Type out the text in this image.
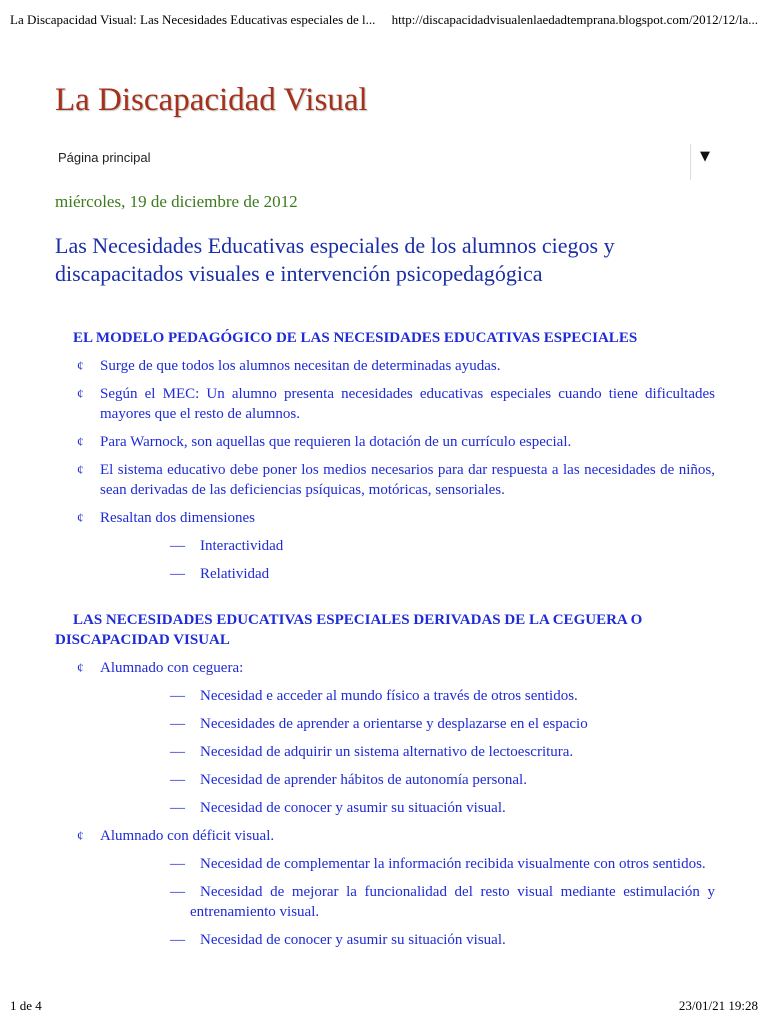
La Discapacidad Visual: Las Necesidades Educativas especiales de l... http://discapacidadvisualenlaedadtemprana.blogspot.com/2012/12/la...
La Discapacidad Visual
Página principal	▼
miércoles, 19 de diciembre de 2012
Las Necesidades Educativas especiales de los alumnos ciegos y discapacitados visuales e intervención psicopedagógica
EL MODELO PEDAGÓGICO DE LAS NECESIDADES EDUCATIVAS ESPECIALES
¢ Surge de que todos los alumnos necesitan de determinadas ayudas.
¢ Según el MEC: Un alumno presenta necesidades educativas especiales cuando tiene dificultades mayores que el resto de alumnos.
¢ Para Warnock, son aquellas que requieren la dotación de un currículo especial.
¢ El sistema educativo debe poner los medios necesarios para dar respuesta a las necesidades de niños, sean derivadas de las deficiencias psíquicas, motóricas, sensoriales.
¢ Resaltan dos dimensiones
— Interactividad
— Relatividad
LAS NECESIDADES EDUCATIVAS ESPECIALES DERIVADAS DE LA CEGUERA O DISCAPACIDAD VISUAL
¢ Alumnado con ceguera:
— Necesidad e acceder al mundo físico a través de otros sentidos.
— Necesidades de aprender a orientarse y desplazarse en el espacio
— Necesidad de adquirir un sistema alternativo de lectoescritura.
— Necesidad de aprender hábitos de autonomía personal.
— Necesidad de conocer y asumir su situación visual.
¢ Alumnado con déficit visual.
— Necesidad de complementar la información recibida visualmente con otros sentidos.
— Necesidad de mejorar la funcionalidad del resto visual mediante estimulación y entrenamiento visual.
— Necesidad de conocer y asumir su situación visual.
1 de 4	23/01/21 19:28
